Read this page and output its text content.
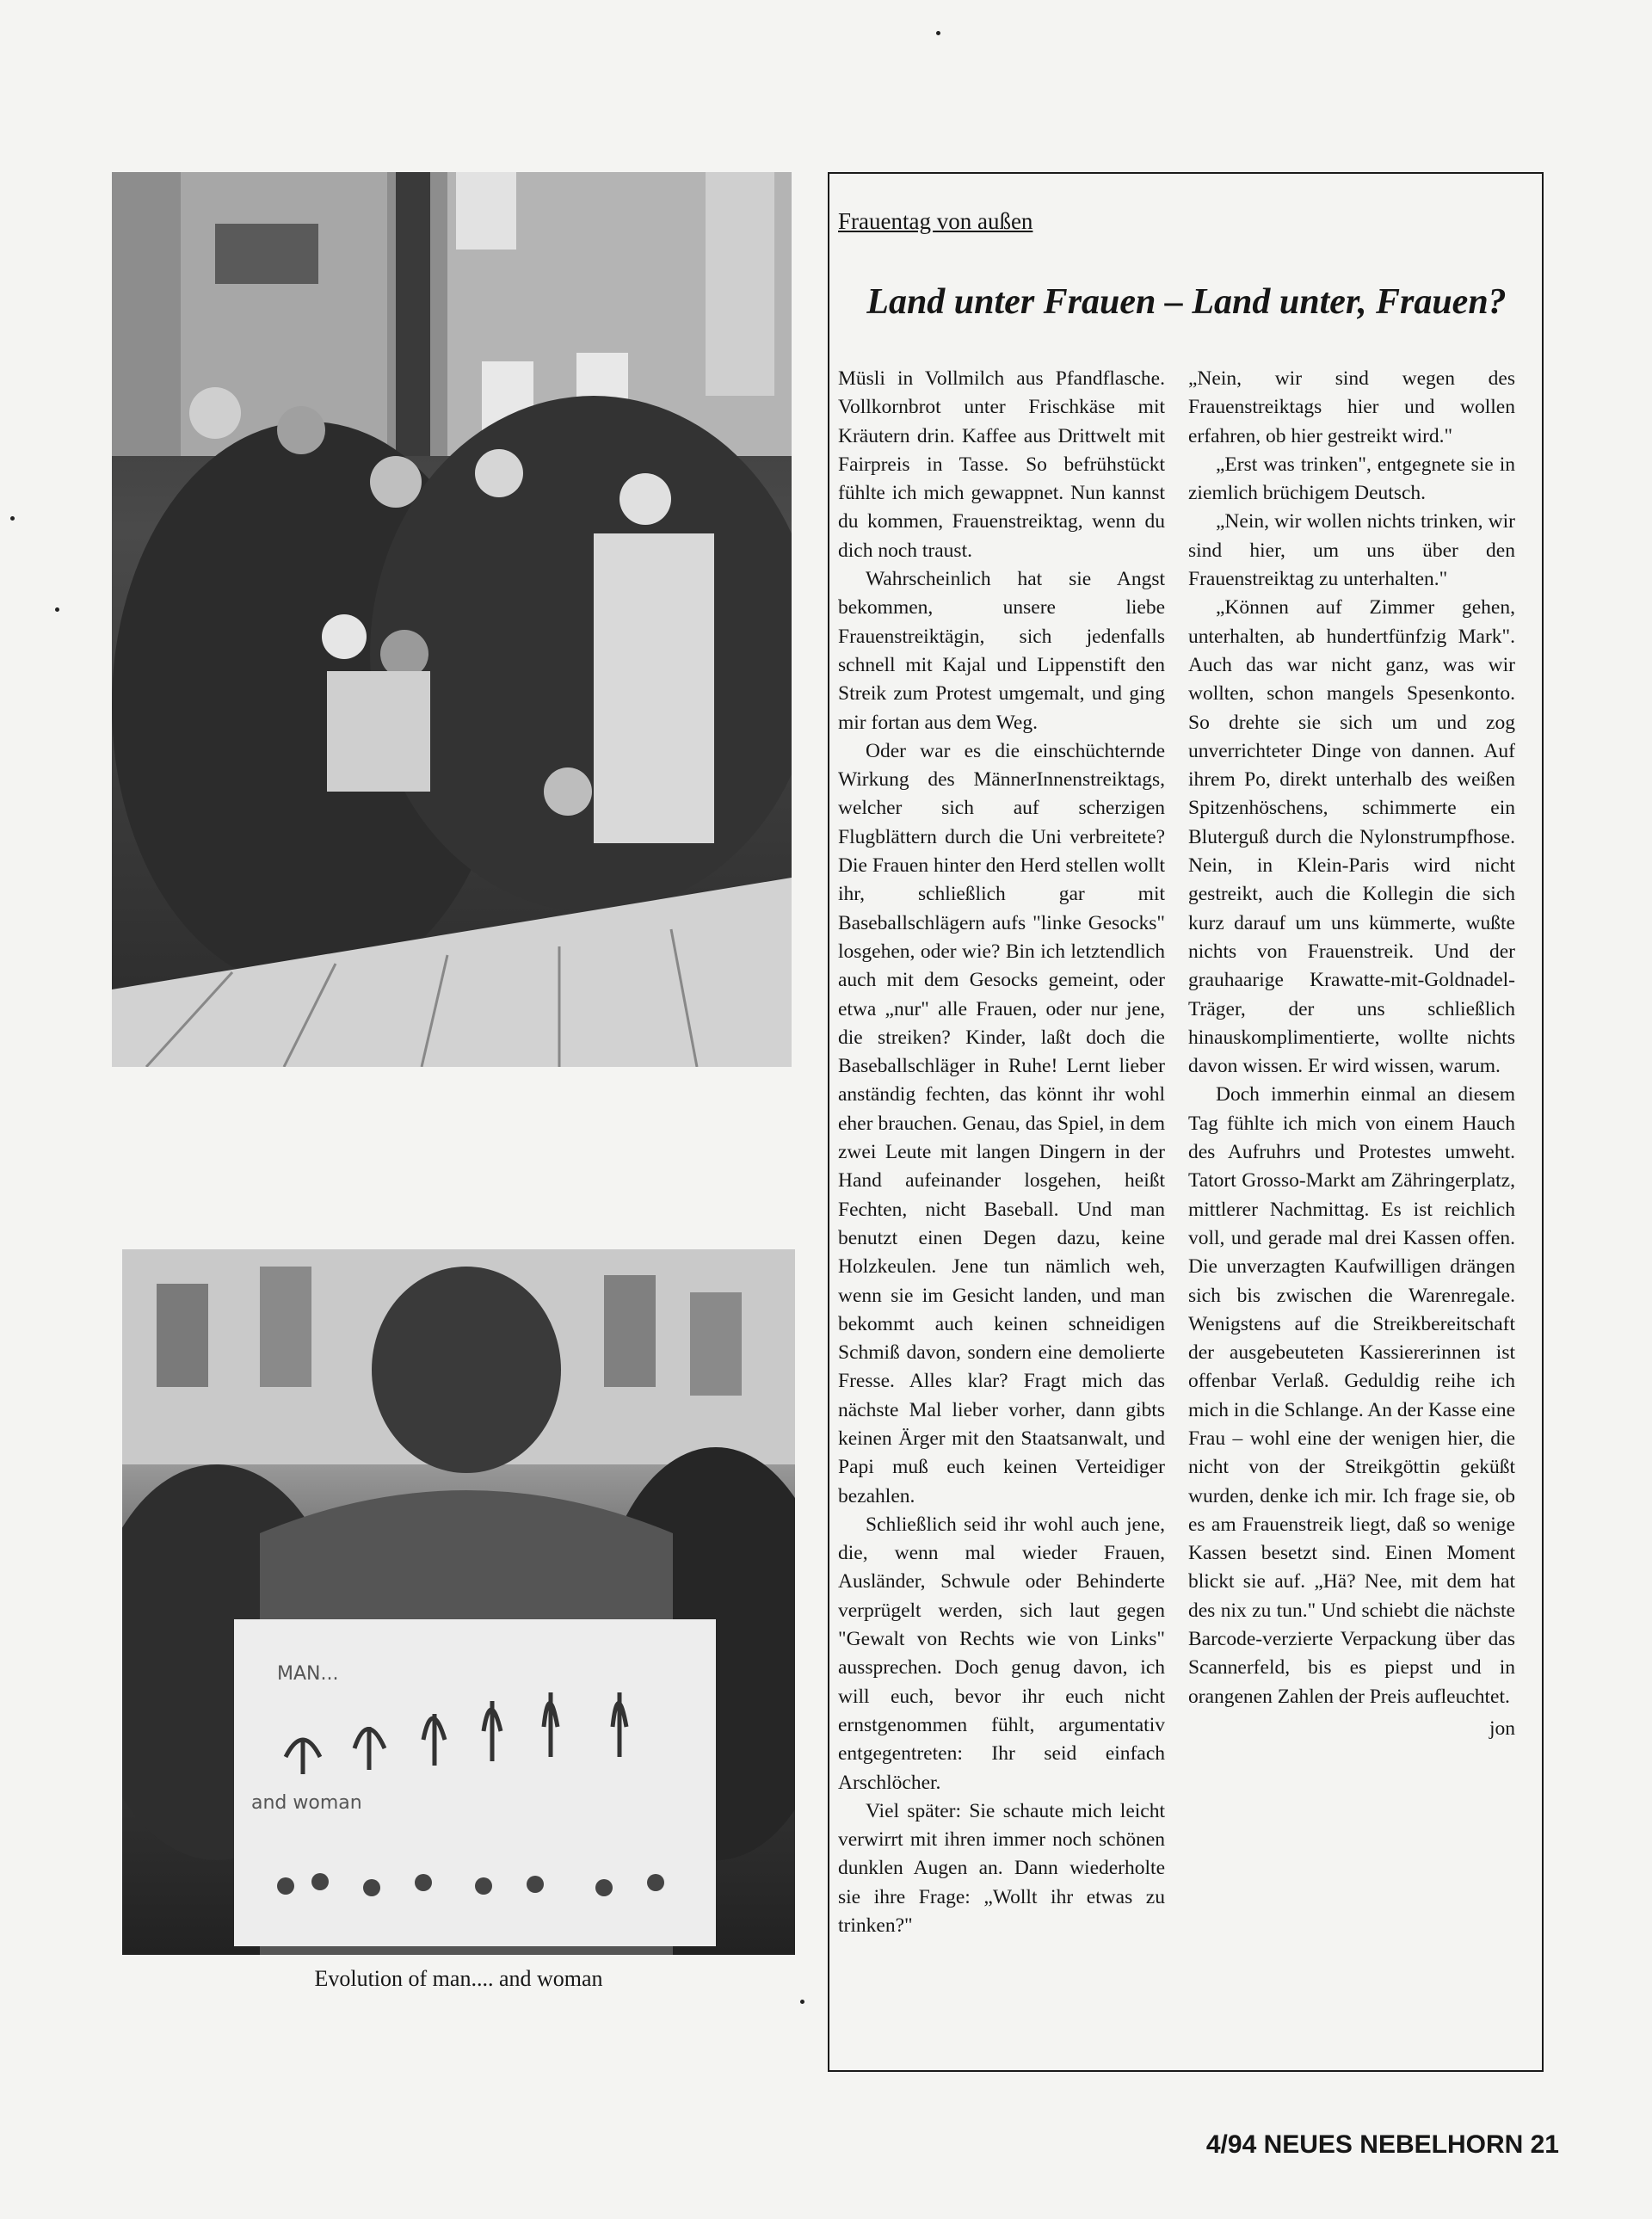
MAN...
and woman
Evolution of man.... and woman
Frauentag von außen
Land unter Frauen – Land unter, Frauen?

Müsli in Vollmilch aus Pfandflasche. Vollkornbrot unter Frischkäse mit Kräutern drin. Kaffee aus Drittwelt mit Fairpreis in Tasse. So befrühstückt fühlte ich mich gewappnet. Nun kannst du kommen, Frauenstreiktag, wenn du dich noch traust.

Wahrscheinlich hat sie Angst bekommen, unsere liebe Frauenstreiktägin, sich jedenfalls schnell mit Kajal und Lippenstift den Streik zum Protest umgemalt, und ging mir fortan aus dem Weg.

Oder war es die einschüchternde Wirkung des MännerInnenstreiktags, welcher sich auf scherzigen Flugblättern durch die Uni verbreitete? Die Frauen hinter den Herd stellen wollt ihr, schließlich gar mit Baseballschlägern aufs "linke Gesocks" losgehen, oder wie? Bin ich letztendlich auch mit dem Gesocks gemeint, oder etwa „nur" alle Frauen, oder nur jene, die streiken? Kinder, laßt doch die Baseballschläger in Ruhe! Lernt lieber anständig fechten, das könnt ihr wohl eher brauchen. Genau, das Spiel, in dem zwei Leute mit langen Dingern in der Hand aufeinander losgehen, heißt Fechten, nicht Baseball. Und man benutzt einen Degen dazu, keine Holzkeulen. Jene tun nämlich weh, wenn sie im Gesicht landen, und man bekommt auch keinen schneidigen Schmiß davon, sondern eine demolierte Fresse. Alles klar? Fragt mich das nächste Mal lieber vorher, dann gibts keinen Ärger mit den Staatsanwalt, und Papi muß euch keinen Verteidiger bezahlen.

Schließlich seid ihr wohl auch jene, die, wenn mal wieder Frauen, Ausländer, Schwule oder Behinderte verprügelt werden, sich laut gegen "Gewalt von Rechts wie von Links" aussprechen. Doch genug davon, ich will euch, bevor ihr euch nicht ernstgenommen fühlt, argumentativ entgegentreten: Ihr seid einfach Arschlöcher.

Viel später: Sie schaute mich leicht verwirrt mit ihren immer noch schönen dunklen Augen an. Dann wiederholte sie ihre Frage: „Wollt ihr etwas zu trinken?"

„Nein, wir sind wegen des Frauenstreiktags hier und wollen erfahren, ob hier gestreikt wird."

„Erst was trinken", entgegnete sie in ziemlich brüchigem Deutsch.

„Nein, wir wollen nichts trinken, wir sind hier, um uns über den Frauenstreiktag zu unterhalten."

„Können auf Zimmer gehen, unterhalten, ab hundertfünfzig Mark". Auch das war nicht ganz, was wir wollten, schon mangels Spesenkonto. So drehte sie sich um und zog unverrichteter Dinge von dannen. Auf ihrem Po, direkt unterhalb des weißen Spitzenhöschens, schimmerte ein Bluterguß durch die Nylonstrumpfhose. Nein, in Klein-Paris wird nicht gestreikt, auch die Kollegin die sich kurz darauf um uns kümmerte, wußte nichts von Frauenstreik. Und der grauhaarige Krawatte-mit-Goldnadel-Träger, der uns schließlich hinauskomplimentierte, wollte nichts davon wissen. Er wird wissen, warum.

Doch immerhin einmal an diesem Tag fühlte ich mich von einem Hauch des Aufruhrs und Protestes umweht. Tatort Grosso-Markt am Zähringerplatz, mittlerer Nachmittag. Es ist reichlich voll, und gerade mal drei Kassen offen. Die unverzagten Kaufwilligen drängen sich bis zwischen die Warenregale. Wenigstens auf die Streikbereitschaft der ausgebeuteten Kassiererinnen ist offenbar Verlaß. Geduldig reihe ich mich in die Schlange. An der Kasse eine Frau – wohl eine der wenigen hier, die nicht von der Streikgöttin geküßt wurden, denke ich mir. Ich frage sie, ob es am Frauenstreik liegt, daß so wenige Kassen besetzt sind. Einen Moment blickt sie auf. „Hä? Nee, mit dem hat des nix zu tun." Und schiebt die nächste Barcode-verzierte Verpackung über das Scannerfeld, bis es piepst und in orangenen Zahlen der Preis aufleuchtet.

jon
4/94 NEUES NEBELHORN 21
